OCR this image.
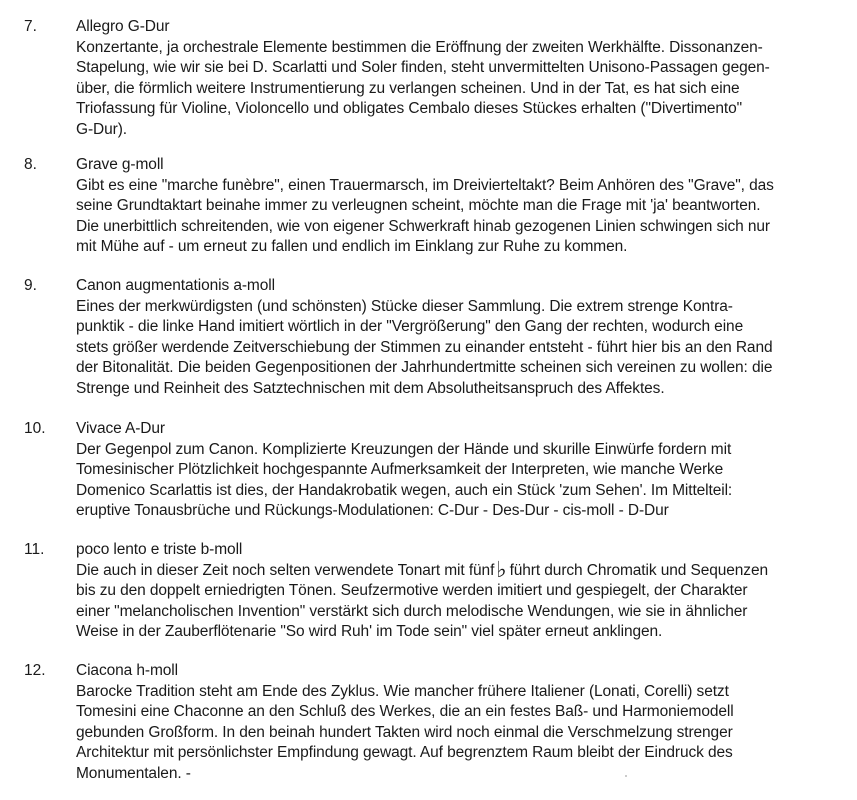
7.	Allegro G-Dur
Konzertante, ja orchestrale Elemente bestimmen die Eröffnung der zweiten Werkhälfte. Dissonanzen-
Stapelung, wie wir sie bei D. Scarlatti und Soler finden, steht unvermittelten Unisono-Passagen gegen-
über, die förmlich weitere Instrumentierung zu verlangen scheinen. Und in der Tat, es hat sich eine
Triofassung für Violine, Violoncello und obligates Cembalo dieses Stückes erhalten ("Divertimento"
G-Dur).
8.	Grave g-moll
Gibt es eine "marche funèbre", einen Trauermarsch, im Dreivierteltakt? Beim Anhören des "Grave", das
seine Grundtaktart beinahe immer zu verleugnen scheint, möchte man die Frage mit 'ja' beantworten.
Die unerbittlich schreitenden, wie von eigener Schwerkraft hinab gezogenen Linien schwingen sich nur
mit Mühe auf - um erneut zu fallen und endlich im Einklang zur Ruhe zu kommen.
9.	Canon augmentationis a-moll
Eines der merkwürdigsten (und schönsten) Stücke dieser Sammlung. Die extrem strenge Kontra-
punktik - die linke Hand imitiert wörtlich in der "Vergrößerung" den Gang der rechten, wodurch eine
stets größer werdende Zeitverschiebung der Stimmen zu einander entsteht - führt hier bis an den Rand
der Bitonalität. Die beiden Gegenpositionen der Jahrhundertmitte scheinen sich vereinen zu wollen: die
Strenge und Reinheit des Satztechnischen mit dem Absolutheitsanspruch des Affektes.
10. Vivace A-Dur
Der Gegenpol zum Canon. Komplizierte Kreuzungen der Hände und skurille Einwürfe fordern mit
Tomesinischer Plötzlichkeit hochgespannte Aufmerksamkeit der Interpreten, wie manche Werke
Domenico Scarlattis ist dies, der Handakrobatik wegen, auch ein Stück 'zum Sehen'. Im Mittelteil:
eruptive Tonausbrüche und Rückungs-Modulationen: C-Dur - Des-Dur - cis-moll - D-Dur
11. poco lento e triste b-moll
Die auch in dieser Zeit noch selten verwendete Tonart mit fünf♭ führt durch Chromatik und Sequenzen
bis zu den doppelt erniedrigten Tönen. Seufzermotive werden imitiert und gespiegelt, der Charakter
einer "melancholischen Invention" verstärkt sich durch melodische Wendungen, wie sie in ähnlicher
Weise in der Zauberflötenarie "So wird Ruh' im Tode sein" viel später erneut anklingen.
12. Ciacona h-moll
Barocke Tradition steht am Ende des Zyklus. Wie mancher frühere Italiener (Lonati, Corelli) setzt
Tomesini eine Chaconne an den Schluß des Werkes, die an ein festes Baß- und Harmoniemodell
gebunden Großform. In den beinah hundert Takten wird noch einmal die Verschmelzung strenger
Architektur mit persönlichster Empfindung gewagt. Auf begrenztem Raum bleibt der Eindruck des
Monumentalen. -
